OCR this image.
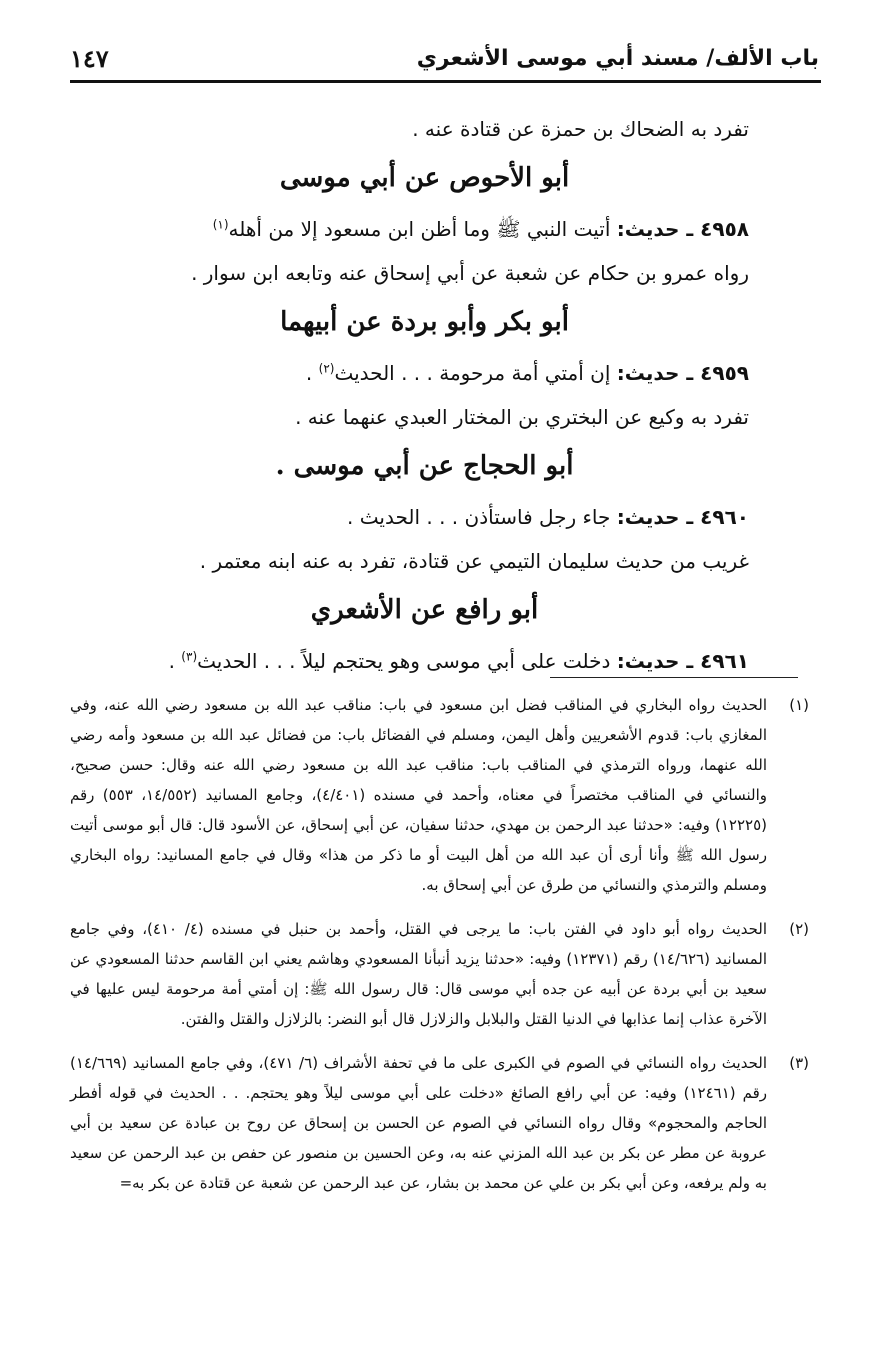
باب الألف/ مسند أبي موسى الأشعري
١٤٧

تفرد به الضحاك بن حمزة عن قتادة عنه .

أبو الأحوص عن أبي موسى

٤٩٥٨ ـ حديث: أتيت النبي ﷺ وما أظن ابن مسعود إلا من أهله$^{(١)}$

رواه عمرو بن حكام عن شعبة عن أبي إسحاق عنه وتابعه ابن سوار .

أبو بكر وأبو بردة عن أبيهما

٤٩٥٩ ـ حديث: إن أمتي أمة مرحومة . . . الحديث$^{(٢)}$ .

تفرد به وكيع عن البختري بن المختار العبدي عنهما عنه .

أبو الحجاج عن أبي موسى .

٤٩٦٠ ـ حديث: جاء رجل فاستأذن . . . الحديث .

غريب من حديث سليمان التيمي عن قتادة، تفرد به عنه ابنه معتمر .

أبو رافع عن الأشعري

٤٩٦١ ـ حديث: دخلت على أبي موسى وهو يحتجم ليلاً . . . الحديث$^{(٣)}$ .

(١)
الحديث رواه البخاري في المناقب فضل ابن مسعود في باب: مناقب عبد الله بن مسعود رضي الله عنه، وفي المغازي باب: قدوم الأشعريين وأهل اليمن، ومسلم في الفضائل باب: من فضائل عبد الله بن مسعود وأمه رضي الله عنهما، ورواه الترمذي في المناقب باب: مناقب عبد الله بن مسعود رضي الله عنه وقال: حسن صحيح، والنسائي في المناقب مختصراً في معناه، وأحمد في مسنده (٤/٤٠١)، وجامع المسانيد (١٤/٥٥٢، ٥٥٣) رقم (١٢٢٢٥) وفيه: «حدثنا عبد الرحمن بن مهدي، حدثنا سفيان، عن أبي إسحاق، عن الأسود قال: قال أبو موسى أتيت رسول الله ﷺ وأنا أرى أن عبد الله من أهل البيت أو ما ذكر من هذا» وقال في جامع المسانيد: رواه البخاري ومسلم والترمذي والنسائي من طرق عن أبي إسحاق به.
(٢)
الحديث رواه أبو داود في الفتن باب: ما يرجى في القتل، وأحمد بن حنبل في مسنده (٤/ ٤١٠)، وفي جامع المسانيد (١٤/٦٢٦) رقم (١٢٣٧١) وفيه: «حدثنا يزيد أنبأنا المسعودي وهاشم يعني ابن القاسم حدثنا المسعودي عن سعيد بن أبي بردة عن أبيه عن جده أبي موسى قال: قال رسول الله ﷺ: إن أمتي أمة مرحومة ليس عليها في الآخرة عذاب إنما عذابها في الدنيا القتل والبلابل والزلازل قال أبو النضر: بالزلازل والقتل والفتن.
(٣)
الحديث رواه النسائي في الصوم في الكبرى على ما في تحفة الأشراف (٦/ ٤٧١)، وفي جامع المسانيد (١٤/٦٦٩) رقم (١٢٤٦١) وفيه: عن أبي رافع الصائغ «دخلت على أبي موسى ليلاً وهو يحتجم. . . الحديث في قوله أفطر الحاجم والمحجوم» وقال رواه النسائي في الصوم عن الحسن بن إسحاق عن روح بن عبادة عن سعيد بن أبي عروبة عن مطر عن بكر بن عبد الله المزني عنه به، وعن الحسين بن منصور عن حفص بن عبد الرحمن عن سعيد به ولم يرفعه، وعن أبي بكر بن علي عن محمد بن بشار، عن عبد الرحمن عن شعبة عن قتادة عن بكر به=
